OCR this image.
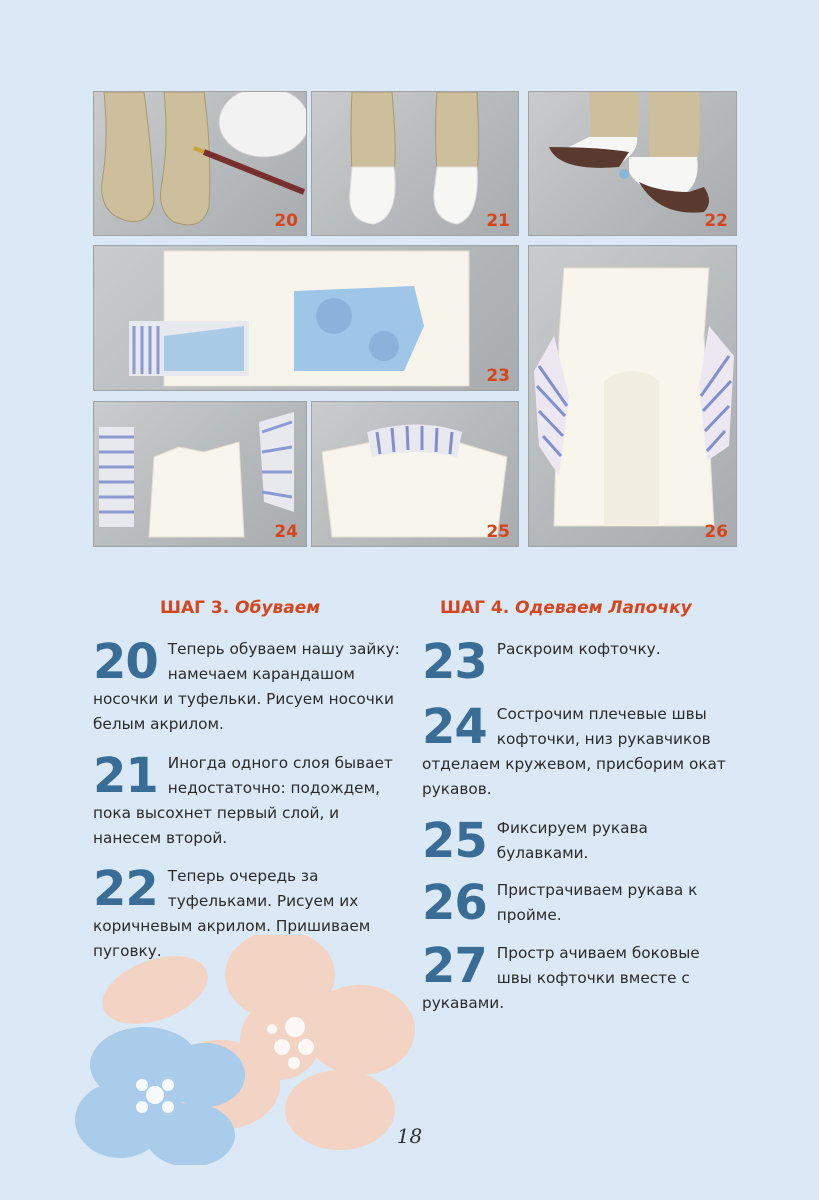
20	21	22
23
26
24	25
ШАГ 3. Обуваем
20 Теперь обуваем нашу зайку: намечаем карандашом носочки и туфельки. Рисуем носочки белым акрилом.
21 Иногда одного слоя бывает недостаточно: подождем, пока высохнет первый слой, и нанесем второй.
22 Теперь очередь за туфельками. Рисуем их коричневым акрилом. Пришиваем пуговку.
ШАГ 4. Одеваем Лапочку
23 Раскроим кофточку.
24 Сострочим плечевые швы кофточки, низ рукавчиков отделаем кружевом, присборим окат рукавов.
25 Фиксируем рукава булавками.
26 Пристрачиваем рукава к пройме.
27 Простр ачиваем боковые швы кофточки вместе с рукавами.
18
